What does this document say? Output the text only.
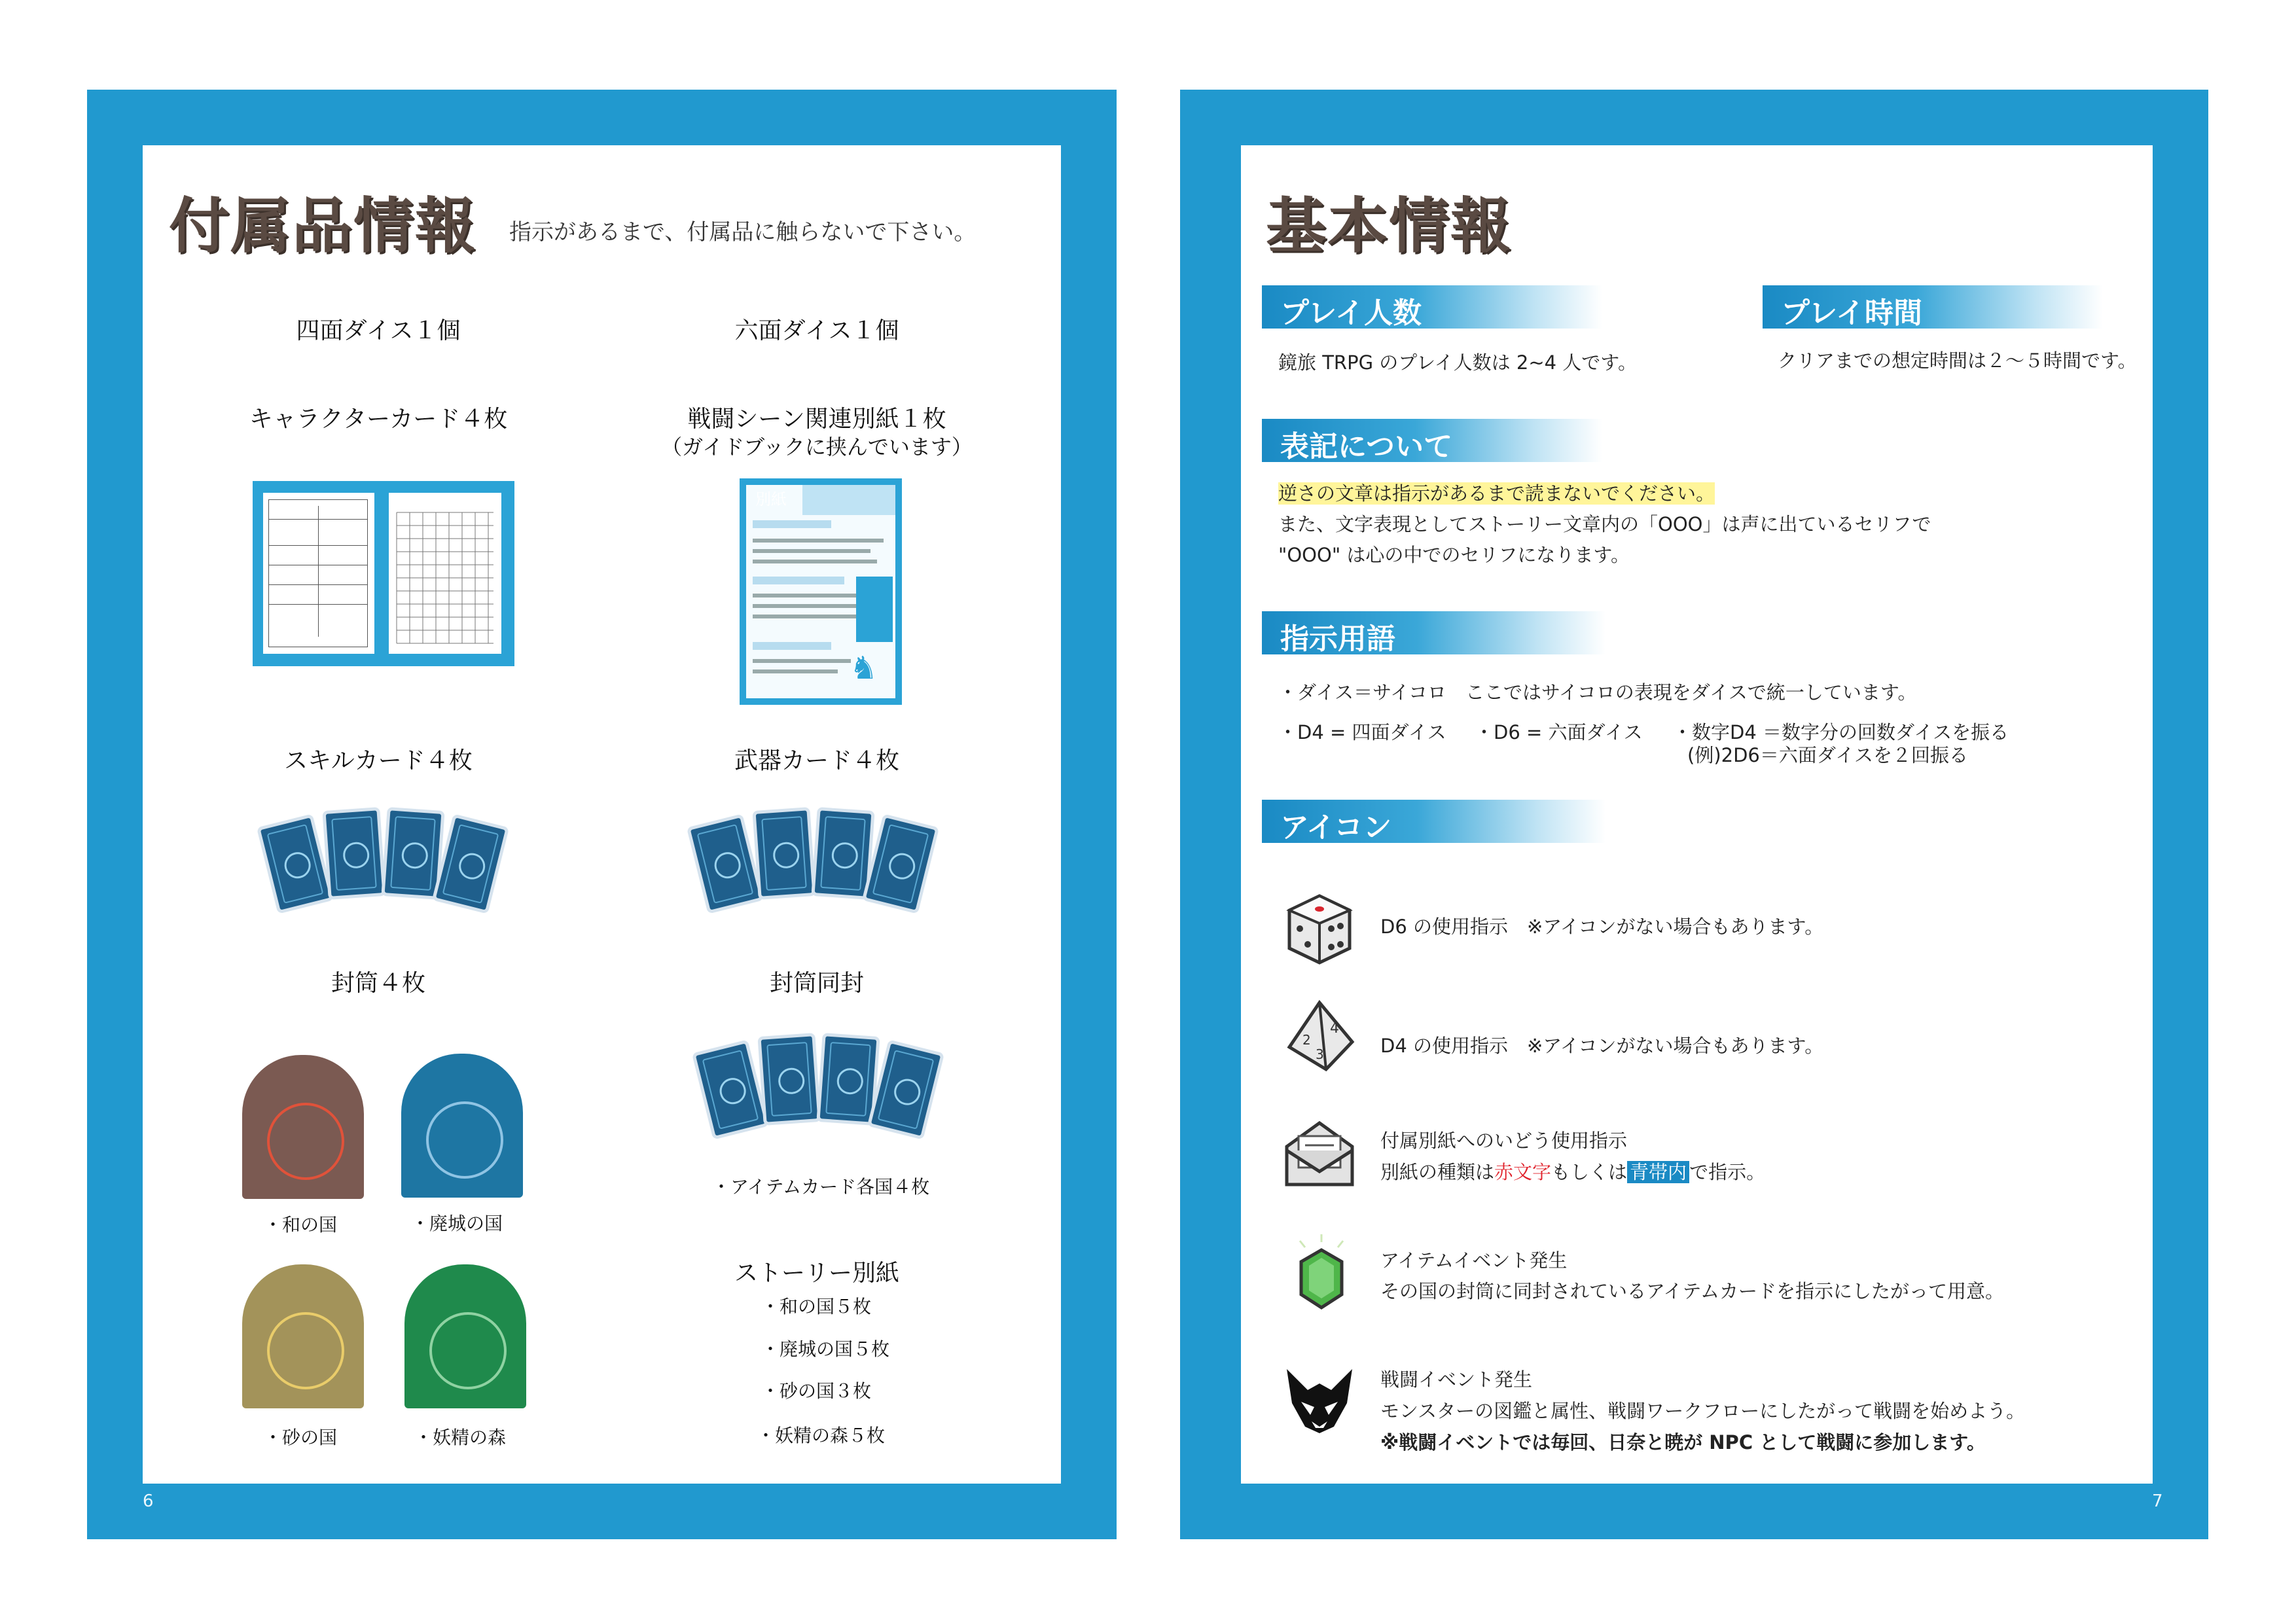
付属品情報 指示があるまで、付属品に触らないで下さい。
四面ダイス１個	六面ダイス１個
キャラクターカード４枚	戦闘シーン関連別紙１枚
（ガイドブックに挟んでいます）
別紙
♞
スキルカード４枚	武器カード４枚
封筒４枚	封筒同封
・和の国	・廃城の国
・砂の国	・妖精の森
・アイテムカード各国４枚
ストーリー別紙
・和の国５枚
・廃城の国５枚
・砂の国３枚
・妖精の森５枚
6
基本情報
プレイ人数
鏡旅 TRPG のプレイ人数は 2~4 人です。
プレイ時間
クリアまでの想定時間は２～５時間です。
表記について
逆さの文章は指示があるまで読まないでください。
また、文字表現としてストーリー文章内の「OOO」は声に出ているセリフで
"OOO" は心の中でのセリフになります。
指示用語
・ダイス＝サイコロ　ここではサイコロの表現をダイスで統一しています。
・D4 = 四面ダイス ・D6 = 六面ダイス ・数字D4 ＝数字分の回数ダイスを振る
(例)2D6＝六面ダイスを２回振る
アイコン
D6 の使用指示　※アイコンがない場合もあります。
4
2
3	D4 の使用指示　※アイコンがない場合もあります。
付属別紙へのいどう使用指示
別紙の種類は赤文字もしくは 青帯内 で指示。
アイテムイベント発生
その国の封筒に同封されているアイテムカードを指示にしたがって用意。
戦闘イベント発生
モンスターの図鑑と属性、戦闘ワークフローにしたがって戦闘を始めよう。
※戦闘イベントでは毎回、日奈と暁が NPC として戦闘に参加します。
7
